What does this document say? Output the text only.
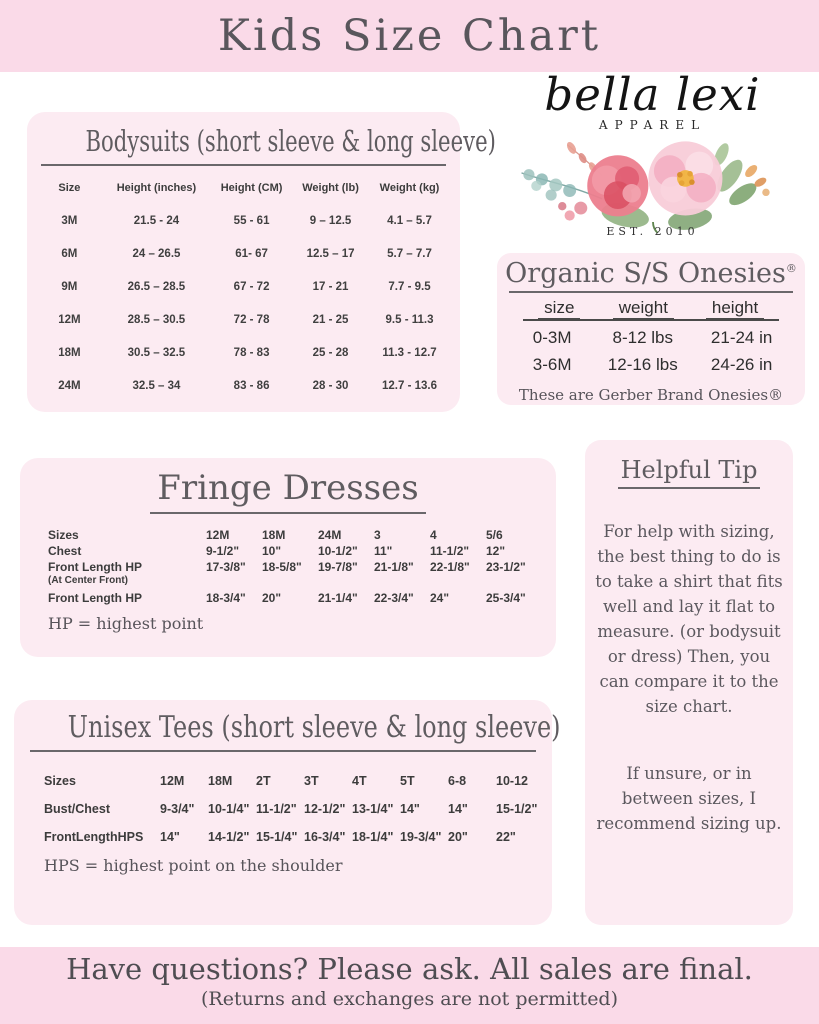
Kids Size Chart
Bodysuits (short sleeve & long sleeve)
Size	Height (inches)	Height (CM)	Weight (lb)	Weight (kg)
3M	21.5 - 24	55 - 61	9 – 12.5	4.1 – 5.7
6M	24 – 26.5	61- 67	12.5 – 17	5.7 – 7.7
9M	26.5 – 28.5	67 - 72	17 - 21	7.7 - 9.5
12M	28.5 – 30.5	72 - 78	21 - 25	9.5 - 11.3
18M	30.5 – 32.5	78 - 83	25 - 28	11.3 - 12.7
24M	32.5 – 34	83 - 86	28 - 30	12.7 - 13.6
bella lexi
APPAREL
EST. 2010
Organic S/S Onesies®
size	weight	height
0-3M	8-12 lbs	21-24 in
3-6M	12-16 lbs	24-26 in
These are Gerber Brand Onesies®
Fringe Dresses
Sizes	12M	18M	24M	3	4	5/6
Chest	9-1/2"	10"	10-1/2"	11"	11-1/2"	12"
Front Length HP	17-3/8"	18-5/8"	19-7/8"	21-1/8"	22-1/8"	23-1/2"
(At Center Front)
Front Length HP	18-3/4"	20"	21-1/4"	22-3/4"	24"	25-3/4"
HP = highest point
Helpful Tip

For help with sizing, the best thing to do is to take a shirt that fits well and lay it flat to measure. (or bodysuit or dress) Then, you can compare it to the size chart.

If unsure, or in between sizes, I recommend sizing up.

Unisex Tees (short sleeve & long sleeve)
Sizes	12M	18M	2T	3T	4T	5T	6-8	10-12
Bust/Chest	9-3/4"	10-1/4" 11-1/2" 12-1/2" 13-1/4" 14"	14"	15-1/2"
FrontLengthHPS	14"	14-1/2" 15-1/4" 16-3/4" 18-1/4" 19-3/4" 20"	22"
HPS = highest point on the shoulder
Have questions? Please ask. All sales are final.
(Returns and exchanges are not permitted)
